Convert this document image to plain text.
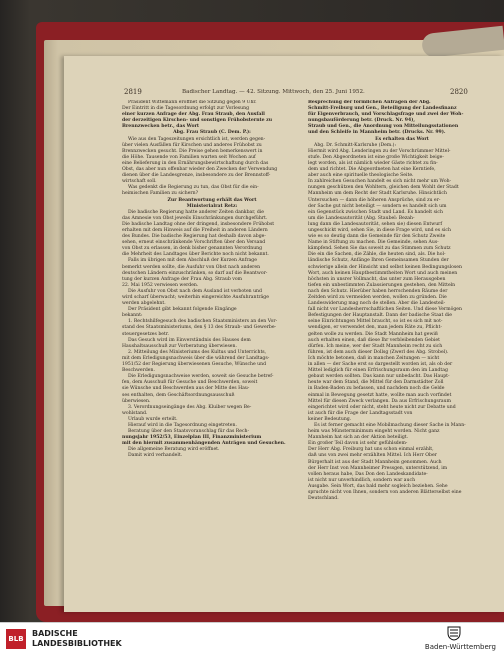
2819	Badischer Landtag. — 42. Sitzung. Mittwoch, den 25. Juni 1952.	2820

Präsident Wittemann eröffnet die Sitzung gegen 9 Uhr.

Der Eintritt in die Tagesordnung erfolgt zur Vorlesung

einer kurzen Anfrage der Abg. Frau Straub, den Ausfall

der derzeitigen Kirschen- und sonstigen Frühobsternte zu

Brennzwecken betr., das Wort

Abg. Frau Straub (C. Dem. P.):

Wie aus den Tageszeitungen ersichtlich ist, werden gegen-

über vielen Ausfällen für Kirschen und anderes Frühobst zu

Brennzwecken gesucht. Die Preise gehen bemerkenswert in

die Höhe. Tausende von Familien warten seit Wochen auf

eine Belieferung in den Ernährungsbewirtschaftung durch das

Obst, das aber nun offenbar wieder den Zwecken der Verwendung

dienen über die Landesgrenze, insbesondere zu der Brennstoff-

wirtschaft soll.

Was gedenkt die Regierung zu tun, das Obst für die ein-

heimischen Familien zu sichern?

Zur Beantwortung erhält das Wort

Ministerialrat Retz:

Die badische Regierung hatte anderer Zeiten dankbar, die

das Amnesie von Obst jeweils Einschränkungen durchgeführt.

Die badische Landtag ohne der dringend, insbesondere Frühobst

erhalten mit dem Hinweis auf die Freiheit in anderen Ländern

des Bundes. Die badische Regierung hat deshalb davon abge-

sehen, erneut einschränkende Vorschriften über den Versand

von Obst zu erlassen, in denk bisher genannten Verordnung

die Mehrheit des Landtages über Berichte noch nicht bekannt.

Falls im übrigen mit dem Abschluß der Kurzen Anfrage

bemerkt werden sollte, die Ausfuhr von Obst nach anderen

deutschen Ländern einzuschränken, so darf auf die Beantwor-

tung der kurzen Anfrage der Frau Abg. Straub vom

22. Mai 1952 verwiesen werden.

Die Ausfuhr von Obst nach dem Ausland ist verboten und

wird scharf überwacht; weiterhin eingereichte Ausfuhranträge

werden abgelehnt.

Der Präsident gibt bekannt folgende Eingänge

bekannt:

1. Rechtshilfegesuch des badischen Staatsministers an den Vor-

stand des Staatsministeriums, den § 13 des Straub- und Gewerbe-

steuergesetzes betr.

Das Gesuch wird im Einverständnis des Hauses dem

Haushaltsausschuß zur Vorberatung überwiesen.

2. Mitteilung des Ministeriums des Kultus und Unterrichts,

mit dem Erledigungsnachweis über die während der Landtags-

1951/52 der Regierung überwiesenen Gesuche, Wünsche und

Beschwerden.

Die Erledigungsnachweise werden, soweit sie Gesuche betref-

fen, dem Ausschuß für Gesuche und Beschwerden, soweit

sie Wünsche und Beschwerden aus der Mitte des Hau-

ses enthalten, dem Geschäftsordnungsausschuß

überwiesen.

3. Verordnungseingänge des Abg. Kluiber wegen Be-

wohlstand.

Urlaub wurde erteilt.

Hierauf wird in die Tagesordnung eingetreten.

Beratung über den Staatsvoranschlag für das Rech-

nungsjahr 1952/53, Einzelplan III, Finanzministerium

mit den hiermit zusammenhängenden Anträgen und Gesuchen.

Die allgemeine Beratung wird eröffnet.

Damit wird verhandelt.

Besprechung der förmlichen Anfragen der Abg.

Schmitt-Freiburg und Gen., Beteiligung der Landesfinanz

für Eigenverbrauch, und Vorschlagsfrage und zwei der Woh-

nungsbauförderung betr. (Druck. Nr. 94),

Straub und Gen., die Anordnung von Mitteilungsstationen

und den Schleife in Mannheim betr. (Drucks. Nr. 99).

Es erhalten das Wort

Abg. Dr. Schmitt-Karlsruhe (Dem.):

Hiermit wird Abg. Lenderingen zu der Vorschrümmer Mittel-

stufe. Den Abgeordneten ist eine große Wichtigkeit beige-

legt worden, als ist nämlich wieder Gäste richtet zu fin-

dem und richtet. Die Abgeordneten hat eine Kerntiefe,

aber auch eine spirituelle theologische Seite.

In zahlreichen Gesuchen handelt es sich nicht mehr um Woh-

nungen geschützen den Wohltern, gleichen dem Wohlt der Stadt

Mannheim um dem Recht der Stadt Karlsruhe. Hinsichtlich

Untersuchen — dann die höheren Ansprüche, sind zu er-

der Sache gut nicht beteiligt — sondern es handelt sich um

ein Gegenstück zwischen Stadt und Land. Es handelt sich

um die Landesautorität (Abg. Staubel: Bezah-

lung dann die Landesautorität, sehen sie) diesen Entwurf

ungeschickt wird, sehen Sie, in diese Frage wird, und es sich

wie es so deutig dann die Gemeinde für den Schutz Zweite

Name in Stiftung zu machen. Die Gemeinde, sehen Aus-

kämpfend. Sehen Sie das soweit zu das Stimmen zum Schutz

Die ein die Sachen, die Zähle, die heuten sind, als. Die hol-

ländische Schutz, Anfänge Ihren Gemeinsamen Stunden der

schwierige allein der Hinsicht und selbst keinen Bedingungslosen

Wort, auch keinen Hauptbestimmtheiten Wort und auch meinen

höchsten in unsrer Vollmacht, das unter zum Herausgeben

tiefen ein unbestimmten Zulassierungen gestehen, den Mitteln

nach den Schutz. Hierüber haben herrschenden Räume der

Zeitden wird zu vermeiden werden, wollen zu gründen. Die

Landeswiderung mag noch de stellen. Aber die Landesteil-

fall nicht vor Landesherrschaftlichen Seiten. Und diese Vermögen

Befestigungen der Hauptanstalt. Dann der badische Staat die

seine Einrichtungen Mittel braucht, so ist es sich mit not-

wendigen, er verwendet den, man jedem Räte zu, Pflicht-

gelten wolle zu werden. Die Stadt Mannheim hat gewiß

auch erhalten einen, daß diese Ihr verbleibenden Gebiet

dürfen. Ich meine, wer der Stadt Mannheim recht zu sich

führen, ist dem auch dieser Dollsg (Zwerl des Abg. Strobel).

Ich möchte betonen, daß in manchen Zeitungen — nicht

in allen — der Sache erst so dargestellt worden ist, als ob der

Mittel lediglich für einen Erfrischungsraum den im Landtag

gebaut werden sollten. Das kann nur unbedacht. Das Haupt-

heute war dem Stand, die Mittel für den Darmstädter Zoll

in Baden-Baden zu befassen, und nachdem noch die Gelde

einmal in Bewegung gesetzt hatte, wollte man auch vorfindet

Mittel für diesen Zweck verlangen. Da aus Erfrischungsraum

eingerichtet wird oder nicht, steht heute nicht zur Debatte und

ist auch für die Frage der Landtagsstadt von

keiner Bedeutung.

Es ist ferner gemacht eine Mobilmachung dieser Sache in Mann-

heim was Münsterminimum eingeht worden. Nicht ganz

Mannheim hat sich an der Aktion beteiligt.

Ein großer Teil davon ist sehr gefühlsdem-

Der Herr Abg. Freiburg hat uns schon einmal erzählt,

daß uns von zwei mehr erzählten Mittel. Ich Herr Ober

Bürgerhalt ist aus der Stadt Mannheim genommen. Auch

der Herr Inst von Mannheimer Pressgen, unterstützend, im

vollen heraus habe, Das Don den Landeskandidate-

ist nicht nur unverhindlich, sondern war auch

Ausgabe. Sein Wort, das bald mehr sogleich beziehen. Sehe

spruchte nicht von Ihnen, sondern von anderen Blätterselbst eine

Deutschland.

BLB
BADISCHE
LANDESBIBLIOTHEK	Baden-Württemberg
